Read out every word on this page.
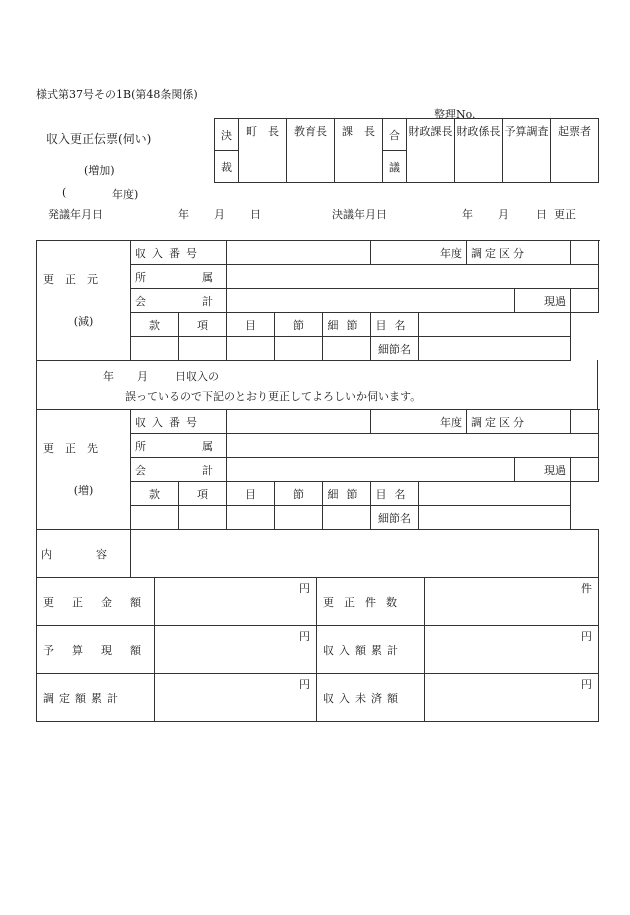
様式第37号その1B(第48条関係)
整理No.
収入更正伝票(伺い)
(増加)
(	年度)
発議年月日	年 月 日	決議年月日	年 月 日 更正
決	町　長	教育長	課　長	合	財政課長	財政係長	予算調査	起票者
裁				議				
更　正　元
(減)	収入番号					年度		調定区分		

所属									

会計								現過	
	款	項	目	節	細節	目名				
						細節名				
年 月 日収入の
誤っているので下記のとおり更正してよろしいか伺います。
更　正　先
(増)	収入番号					年度		調定区分		

	所属									

	会計								現過	
	款	項	目	節	細節	目名				
						細節名				
内　　　　容	
更正金額	円	更正件数	件

予算現額	円	収入額累計	円

調定額累計	円	収入未済額	円
